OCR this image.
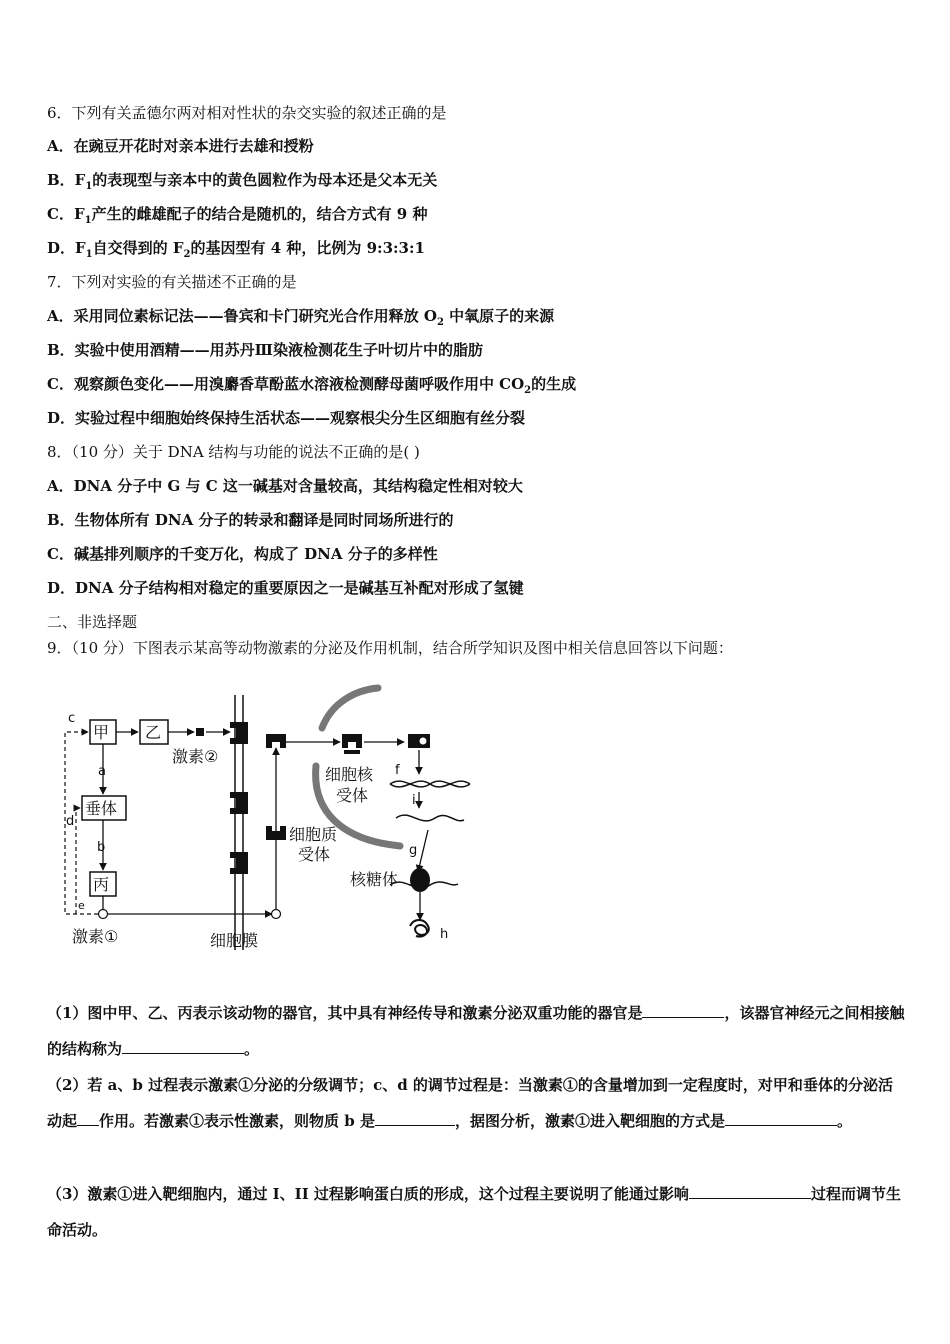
6．下列有关孟德尔两对相对性状的杂交实验的叙述正确的是
A．在豌豆开花时对亲本进行去雄和授粉
B．$F_1$的表现型与亲本中的黄色圆粒作为母本还是父本无关
C．$F_1$产生的雌雄配子的结合是随机的，结合方式有 9 种
D．$F_1$自交得到的 $F_2$的基因型有 4 种，比例为 9:3:3:1
7．下列对实验的有关描述不正确的是
A．采用同位素标记法——鲁宾和卡门研究光合作用释放 $O_2$ 中氧原子的来源
B．实验中使用酒精——用苏丹Ⅲ染液检测花生子叶切片中的脂肪
C．观察颜色变化——用溴麝香草酚蓝水溶液检测酵母菌呼吸作用中 $CO_2$的生成
D．实验过程中细胞始终保持生活状态——观察根尖分生区细胞有丝分裂
8．（10 分）关于 DNA 结构与功能的说法不正确的是( )
A．DNA 分子中 G 与 C 这一碱基对含量较高，其结构稳定性相对较大
B．生物体所有 DNA 分子的转录和翻译是同时同场所进行的
C．碱基排列顺序的千变万化，构成了 DNA 分子的多样性
D．DNA 分子结构相对稳定的重要原因之一是碱基互补配对形成了氢键
二、非选择题
9．（10 分）下图表示某高等动物激素的分泌及作用机制，结合所学知识及图中相关信息回答以下问题：
甲 乙
垂体
丙
激素②
a
b
激素①
c
d
e
细胞膜
细胞质
受体
细胞核
受体
f
i
g
核糖体
h
（1）图中甲、乙、丙表示该动物的器官，其中具有神经传导和激素分泌双重功能的器官是	，该器官神经元之间相接触的结构称为	。
（2）若 a、b 过程表示激素①分泌的分级调节；c、d 的调节过程是：当激素①的含量增加到一定程度时，对甲和垂体的分泌活动起 作用。若激素①表示性激素，则物质 b 是	，据图分析，激素①进入靶细胞的方式是	。
（3）激素①进入靶细胞内，通过 I、II 过程影响蛋白质的形成，这个过程主要说明了能通过影响	过程而调节生命活动。
